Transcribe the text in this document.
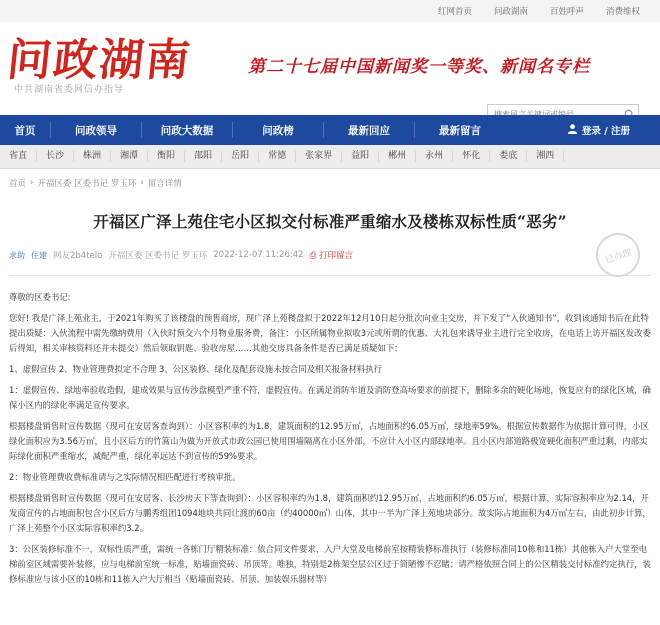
红网首页	问政湖南	百姓呼声	消费维权
问政湖南
中共湖南省委网信办指导
第二十七届中国新闻奖一等奖、新闻名专栏
搜索留言关键词或编号
首页	问政领导	问政大数据	问政榜	最新回应	最新留言	登录 / 注册
省直	长沙	株洲	湘潭	衡阳	邵阳	岳阳	常德	张家界	益阳	郴州	永州	怀化	娄底	湘西
首页 › 开福区委 区委书记 罗玉环 › 留言详情
开福区广泽上苑住宅小区拟交付标准严重缩水及楼栋双标性质“恶劣”
求助 住建 网友2b4telo 开福区委 区委书记 罗玉环 2022-12-07 11:26:42 ⎙ 打印留言	已办理

尊敬的区委书记:

您好! 我是广泽上苑业主，于2021年购买了该楼盘的预售商房，现广泽上苑楼盘拟于2022年12月10日起分批次向业主交房，并下发了“入伙通知书”，收到该通知书后在此特提出质疑：入伙流程中需先缴纳费用（入伙时预交六个月物业服务费，备注：小区所属物业拟收3元或所谓的优惠、大礼包来诱导业主进行完全收房，在电话上访开福区发改委后得知，相关审核资料还并未提交）然后领取钥匙、验收房屋……其他交房具备条件是否已满足质疑如下：

1、虚假宣传 2、物业管理费拟定不合理 3、公区装修、绿化及配套设施未按合同及相关报备材料执行

1：虚假宣传、绿地率验收造假，建成效果与宣传沙盘模型严重不符，虚假宣传。在满足消防车道及消防登高场要求的前提下，删除多余的硬化场地，恢复应有的绿化区域，确保小区内的绿化率满足宣传要求。

根据楼盘销售时宣传数据（现可在安居客查询到）：小区容积率约为1.8，建筑面积约12.95万㎡，占地面积约6.05万㎡，绿地率59%。根据宣传数据作为依据计算可得，小区绿化面积应为3.56万㎡，且小区后方的竹篙山为做为开放式市政公园已使用围墙隔离在小区外部，不应计入小区内部绿地率。且小区内部道路极宽硬化面积严重过剩，内部实际绿化面积严重缩水，减配严重，绿化率远达不到宣传的59%要求。

2：物业管理费收费标准请与之实际情况相匹配进行考核审批。

根据楼盘销售时宣传数据（现可在安居客、长沙房天下等查询到）：小区容积率约为1.8，建筑面积约12.95万㎡，占地面积约6.05万㎡，根据计算，实际容积率应为2.14，开发商宣传的占地面积包含小区后方与鹏秀组团1094地块共同让渡的60亩（约40000㎡）山体，其中一半为广泽上苑地块部分。故实际占地面积为4万㎡左右，由此初步计算，广泽上苑整个小区实际容积率约3.2。

3：公区装修标准不一，双标性质严重，需统一各栋门厅精装标准：依合同文件要求，入户大堂及电梯前室按精装修标准执行（装修标准同10栋和11栋）其他栋入户大堂至电梯前室区域需要补装修，应与电梯前室统一标准，贴墙面瓷砖、吊顶等。唯独，特别是2栋架空层公区过于简陋惨不忍睹；请严格依照合同上的公区精装交付标准约定执行，装修标准应与该小区的10栋和11栋入户大厅相当（贴墙面瓷砖、吊顶、加装娱乐器材等）
